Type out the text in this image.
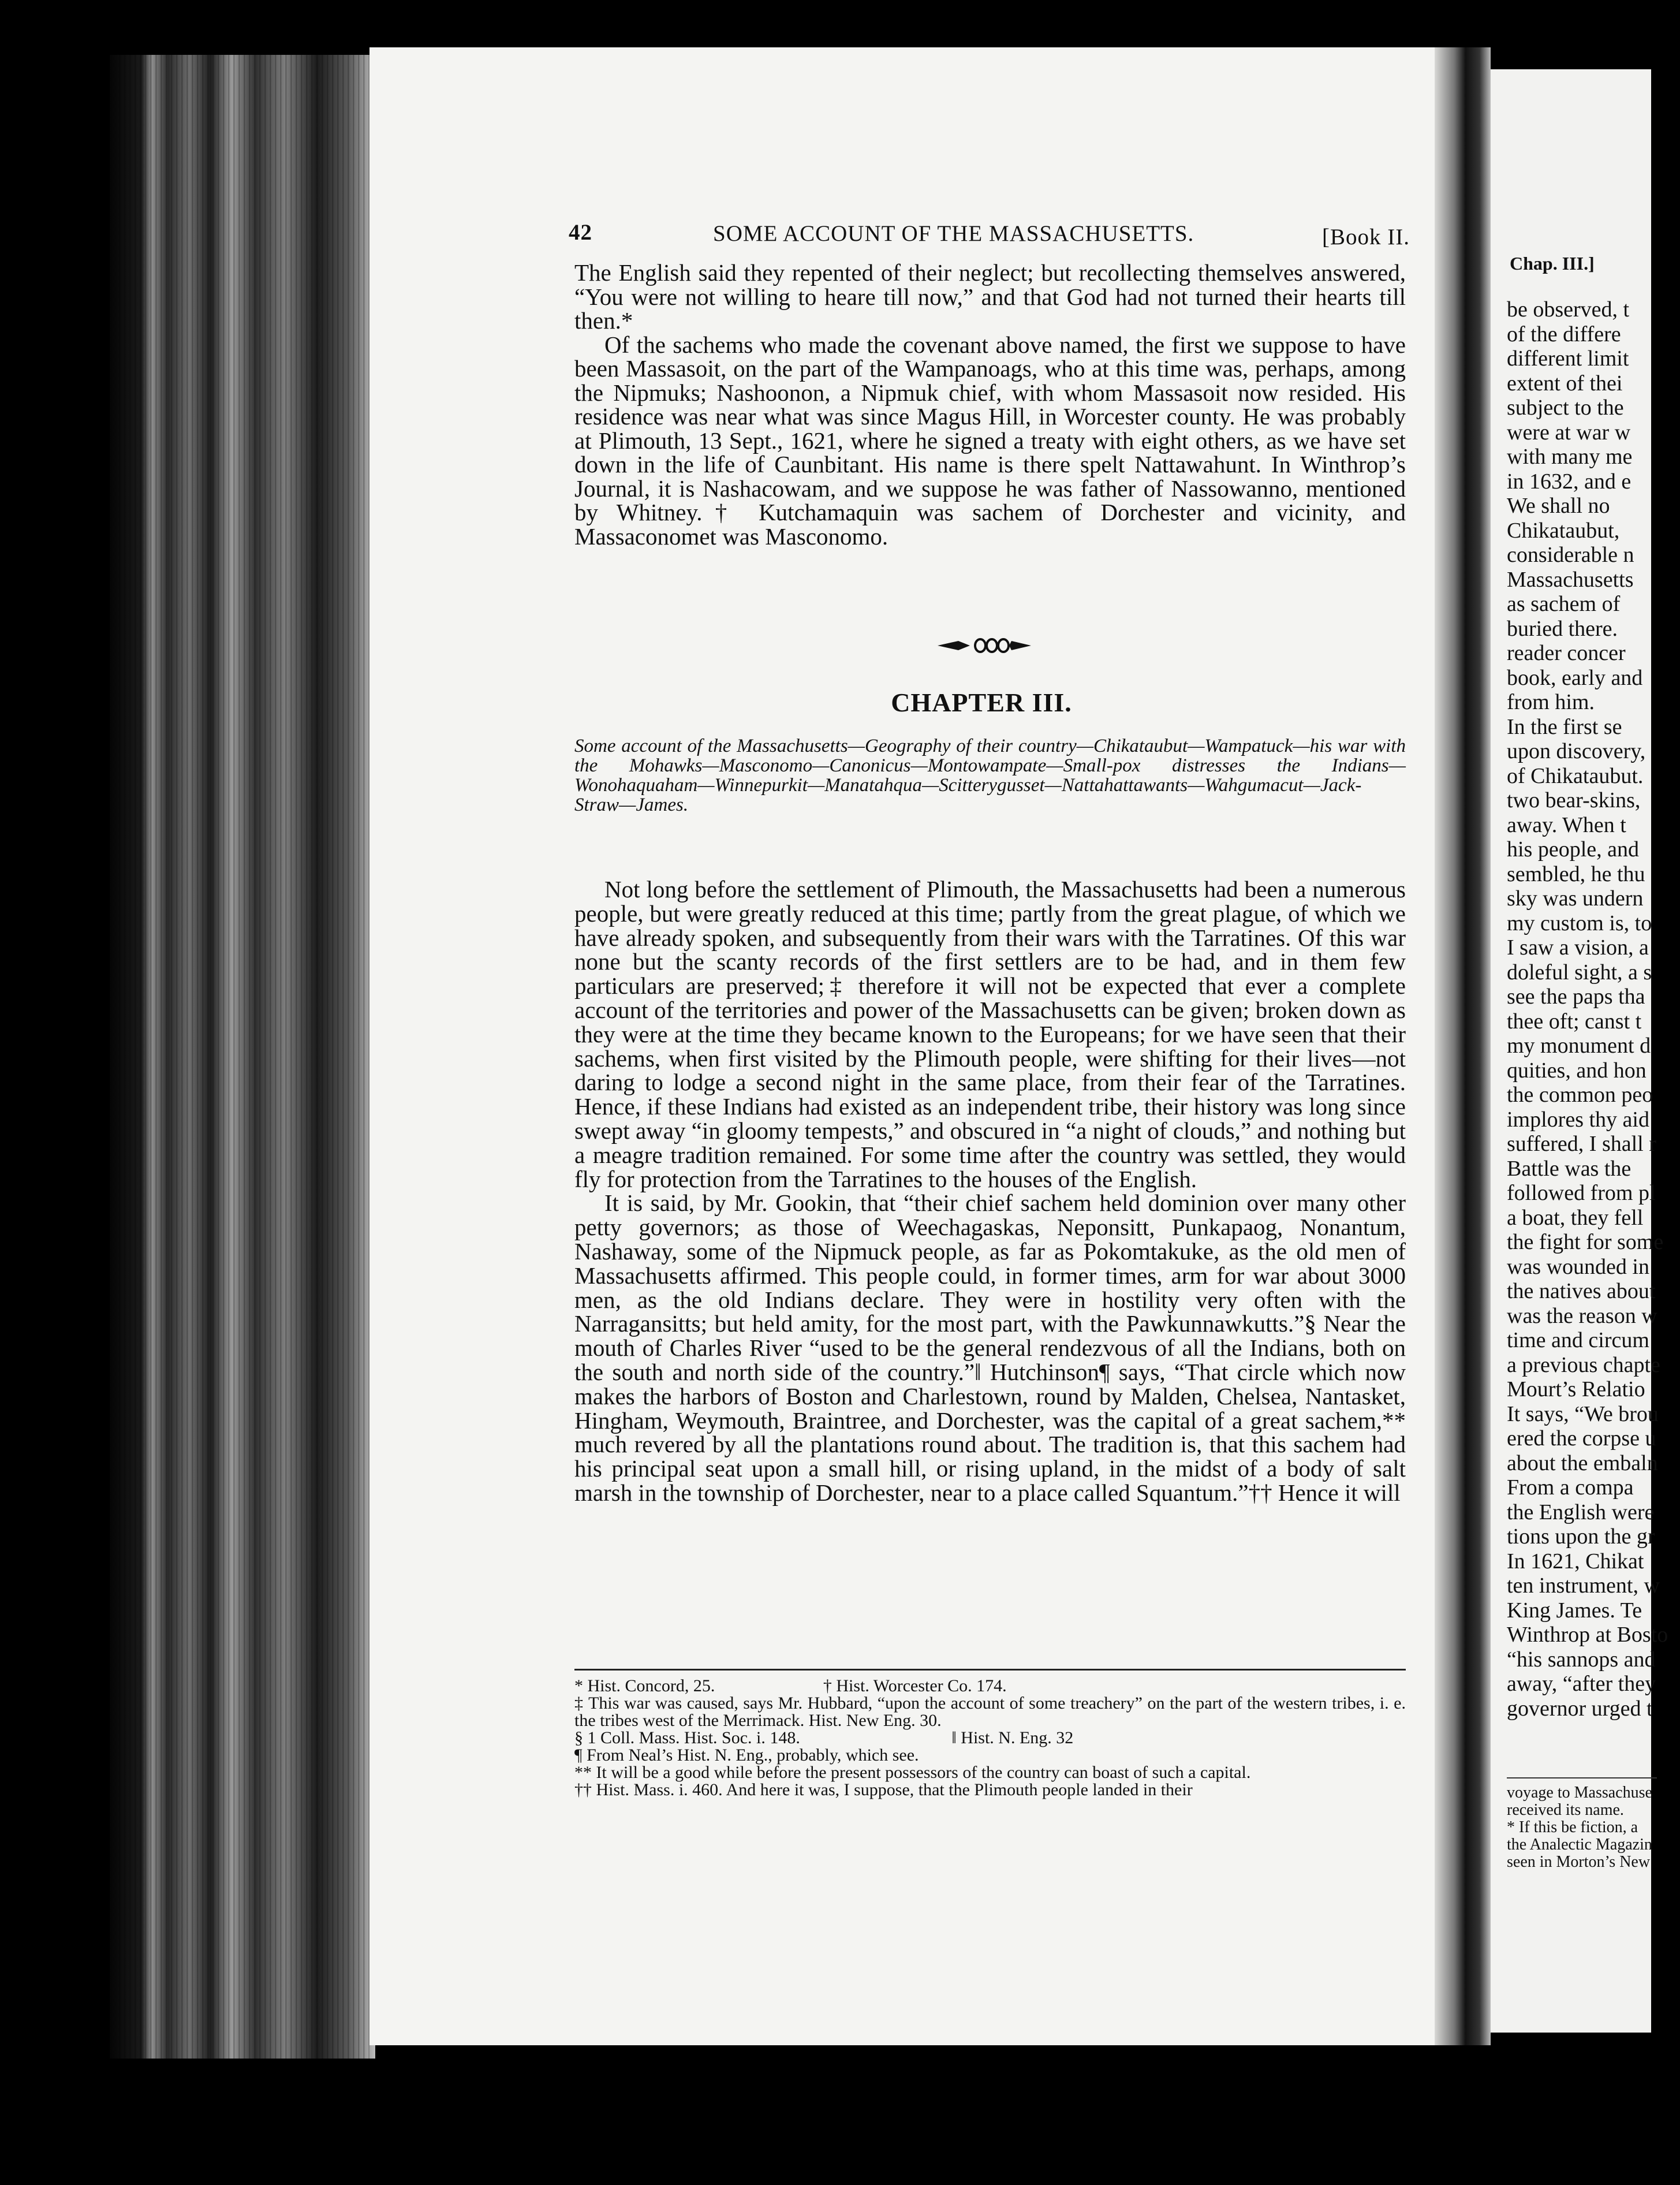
42	SOME ACCOUNT OF THE MASSACHUSETTS.	[Book II.

The English said they repented of their neglect; but recollecting themselves answered, “You were not willing to heare till now,” and that God had not turned their hearts till then.*

Of the sachems who made the covenant above named, the first we suppose to have been Massasoit, on the part of the Wampanoags, who at this time was, perhaps, among the Nipmuks; Nashoonon, a Nipmuk chief, with whom Massasoit now resided. His residence was near what was since Magus Hill, in Worcester county. He was probably at Plimouth, 13 Sept., 1621, where he signed a treaty with eight others, as we have set down in the life of Caunbitant. His name is there spelt Nattawahunt. In Winthrop’s Journal, it is Nashacowam, and we suppose he was father of Nassowanno, mentioned by Whitney.† Kutchamaquin was sachem of Dorchester and vicinity, and Massaconomet was Masconomo.

CHAPTER III.
Some account of the Massachusetts—Geography of their country—Chikataubut—Wampatuck—his war with the Mohawks—Masconomo—Canonicus—Montowampate—Small-pox distresses the Indians—Wonohaquaham—Winnepurkit—Manatahqua—Scitterygusset—Nattahattawants—Wahgumacut—Jack-Straw—James.

Not long before the settlement of Plimouth, the Massachusetts had been a numerous people, but were greatly reduced at this time; partly from the great plague, of which we have already spoken, and subsequently from their wars with the Tarratines. Of this war none but the scanty records of the first settlers are to be had, and in them few particulars are preserved;‡ therefore it will not be expected that ever a complete account of the territories and power of the Massachusetts can be given; broken down as they were at the time they became known to the Europeans; for we have seen that their sachems, when first visited by the Plimouth people, were shifting for their lives—not daring to lodge a second night in the same place, from their fear of the Tarratines. Hence, if these Indians had existed as an independent tribe, their history was long since swept away “in gloomy tempests,” and obscured in “a night of clouds,” and nothing but a meagre tradition remained. For some time after the country was settled, they would fly for protection from the Tarratines to the houses of the English.

It is said, by Mr. Gookin, that “their chief sachem held dominion over many other petty governors; as those of Weechagaskas, Neponsitt, Punkapaog, Nonantum, Nashaway, some of the Nipmuck people, as far as Pokomtakuke, as the old men of Massachusetts affirmed. This people could, in former times, arm for war about 3000 men, as the old Indians declare. They were in hostility very often with the Narragansitts; but held amity, for the most part, with the Pawkunnawkutts.”§ Near the mouth of Charles River “used to be the general rendezvous of all the Indians, both on the south and north side of the country.”‖ Hutchinson¶ says, “That circle which now makes the harbors of Boston and Charlestown, round by Malden, Chelsea, Nantasket, Hingham, Weymouth, Braintree, and Dorchester, was the capital of a great sachem,** much revered by all the plantations round about. The tradition is, that this sachem had his principal seat upon a small hill, or rising upland, in the midst of a body of salt marsh in the township of Dorchester, near to a place called Squantum.”†† Hence it will

* Hist. Concord, 25.                         † Hist. Worcester Co. 174.

‡ This war was caused, says Mr. Hubbard, “upon the account of some treachery” on the part of the western tribes, i. e. the tribes west of the Merrimack. Hist. New Eng. 30.

§ 1 Coll. Mass. Hist. Soc. i. 148.                                   ‖ Hist. N. Eng. 32

¶ From Neal’s Hist. N. Eng., probably, which see.

** It will be a good while before the present possessors of the country can boast of such a capital.

†† Hist. Mass. i. 460. And here it was, I suppose, that the Plimouth people landed in their

Chap. III.]

be observed, t

of the differe

different limit

extent of thei

subject to the

were at war w

with many me

in 1632, and e

We shall no

Chikataubut,

considerable n

Massachusetts

as sachem of

buried there.

reader concer

book, early and

from him.

In the first se

upon discovery,

of Chikataubut.

two bear-skins,

away. When t

his people, and

sembled, he thu

sky was undern

my custom is, to

I saw a vision, a

doleful sight, a s

see the paps tha

thee oft; canst t

my monument d

quities, and hon

the common peo

implores thy aid

suffered, I shall r

Battle was the

followed from pl

a boat, they fell

the fight for some

was wounded in

the natives about

was the reason w

time and circum

a previous chapte

Mourt’s Relatio

It says, “We brou

ered the corpse u

about the embaln

From a compa

the English were

tions upon the gr

In 1621, Chikat

ten instrument, w

King James. Te

Winthrop at Bosto

“his sannops and

away, “after they

governor urged t

voyage to Massachuse

received its name.

* If this be fiction, a

the Analectic Magazin

seen in Morton’s New
